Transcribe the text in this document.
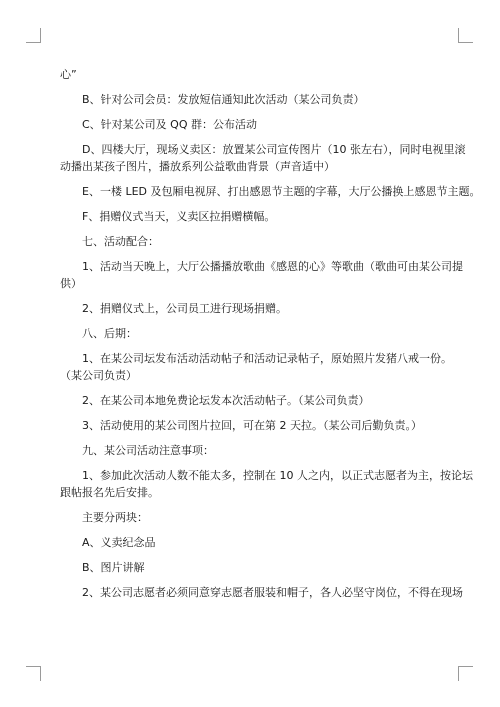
心”

B、针对公司会员：发放短信通知此次活动（某公司负责）

C、针对某公司及 QQ 群：公布活动

D、四楼大厅，现场义卖区：放置某公司宣传图片（10 张左右），同时电视里滚

动播出某孩子图片，播放系列公益歌曲背景（声音适中）

E、一楼 LED 及包厢电视屏、打出感恩节主题的字幕，大厅公播换上感恩节主题。

F、捐赠仪式当天，义卖区拉捐赠横幅。

七、活动配合：

1、活动当天晚上，大厅公播播放歌曲《感恩的心》等歌曲（歌曲可由某公司提

供）

2、捐赠仪式上，公司员工进行现场捐赠。

八、后期：

1、在某公司坛发布活动活动帖子和活动记录帖子，原始照片发猪八戒一份。

（某公司负责）

2、在某公司本地免费论坛发本次活动帖子。（某公司负责）

3、活动使用的某公司图片拉回，可在第 2 天拉。（某公司后勤负责。）

九、某公司活动注意事项：

1、参加此次活动人数不能太多，控制在 10 人之内，以正式志愿者为主，按论坛

跟帖报名先后安排。

主要分两块：

A、义卖纪念品

B、图片讲解

2、某公司志愿者必须同意穿志愿者服装和帽子，各人必坚守岗位，不得在现场
